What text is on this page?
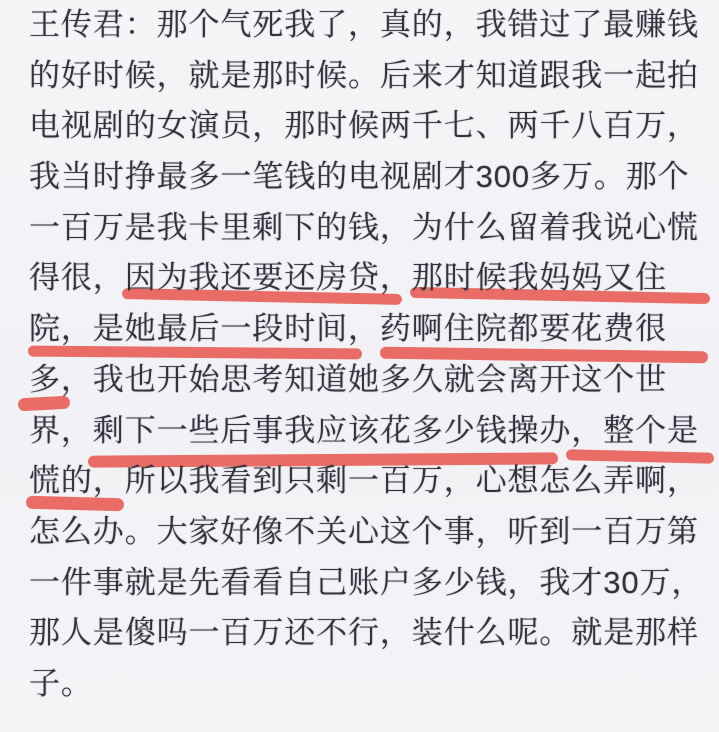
王传君：那个气死我了，真的，我错过了最赚钱
的好时候，就是那时候。后来才知道跟我一起拍
电视剧的女演员，那时候两千七、两千八百万，
我当时挣最多一笔钱的电视剧才300多万。那个
一百万是我卡里剩下的钱，为什么留着我说心慌
得很，因为我还要还房贷，那时候我妈妈又住
院，是她最后一段时间，药啊住院都要花费很
多，我也开始思考知道她多久就会离开这个世
界，剩下一些后事我应该花多少钱操办，整个是
慌的，所以我看到只剩一百万，心想怎么弄啊，
怎么办。大家好像不关心这个事，听到一百万第
一件事就是先看看自己账户多少钱，我才30万，
那人是傻吗一百万还不行，装什么呢。就是那样
子。
